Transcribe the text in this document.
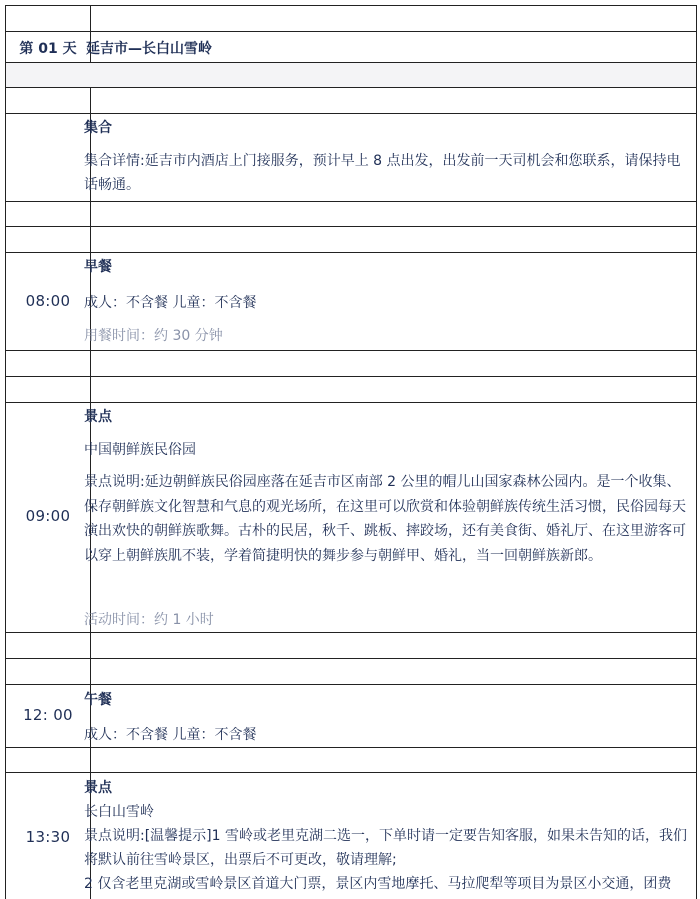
第 01 天 延吉市—长白山雪岭
集合
集合详情:延吉市内酒店上门接服务，预计早上 8 点出发，出发前一天司机会和您联系，请保持电话畅通。
08:00
早餐
成人：不含餐 儿童：不含餐
用餐时间：约 30 分钟
09:00
景点
中国朝鲜族民俗园
景点说明:延边朝鲜族民俗园座落在延吉市区南部 2 公里的帽儿山国家森林公园内。是一个收集、保存朝鲜族文化智慧和气息的观光场所，在这里可以欣赏和体验朝鲜族传统生活习惯，民俗园每天演出欢快的朝鲜族歌舞。古朴的民居，秋千、跳板、摔跤场，还有美食街、婚礼厅、在这里游客可以穿上朝鲜族肌不装，学着简捷明快的舞步参与朝鲜甲、婚礼，当一回朝鲜族新郎。
活动时间：约 1 小时
12: 00
午餐
成人：不含餐 儿童：不含餐
13:30
景点
长白山雪岭
景点说明:[温馨提示]1 雪岭或老里克湖二选一，下单时请一定要告知客服，如果未告知的话，我们将默认前往雪岭景区，出票后不可更改，敬请理解;
2 仅含老里克湖或雪岭景区首道大门票，景区内雪地摩托、马拉爬犁等项目为景区小交通，团费
